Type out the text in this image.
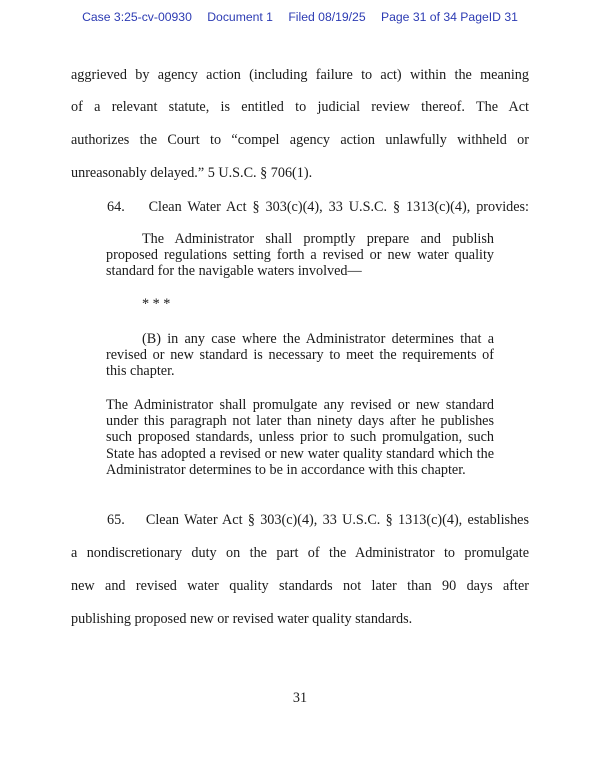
Case 3:25-cv-00930 Document 1 Filed 08/19/25 Page 31 of 34 PageID 31
aggrieved by agency action (including failure to act) within the meaning
of a relevant statute, is entitled to judicial review thereof. The Act
authorizes the Court to “compel agency action unlawfully withheld or
unreasonably delayed.” 5 U.S.C. § 706(1).
64.    Clean Water Act § 303(c)(4), 33 U.S.C. § 1313(c)(4), provides:

The Administrator shall promptly prepare and publish proposed regulations setting forth a revised or new water quality standard for the navigable waters involved—

* * *

(B) in any case where the Administrator determines that a revised or new standard is necessary to meet the requirements of this chapter.

The Administrator shall promulgate any revised or new standard under this paragraph not later than ninety days after he publishes such proposed standards, unless prior to such promulgation, such State has adopted a revised or new water quality standard which the Administrator determines to be in accordance with this chapter.

65.    Clean Water Act § 303(c)(4), 33 U.S.C. § 1313(c)(4), establishes
a nondiscretionary duty on the part of the Administrator to promulgate
new and revised water quality standards not later than 90 days after
publishing proposed new or revised water quality standards.
31
